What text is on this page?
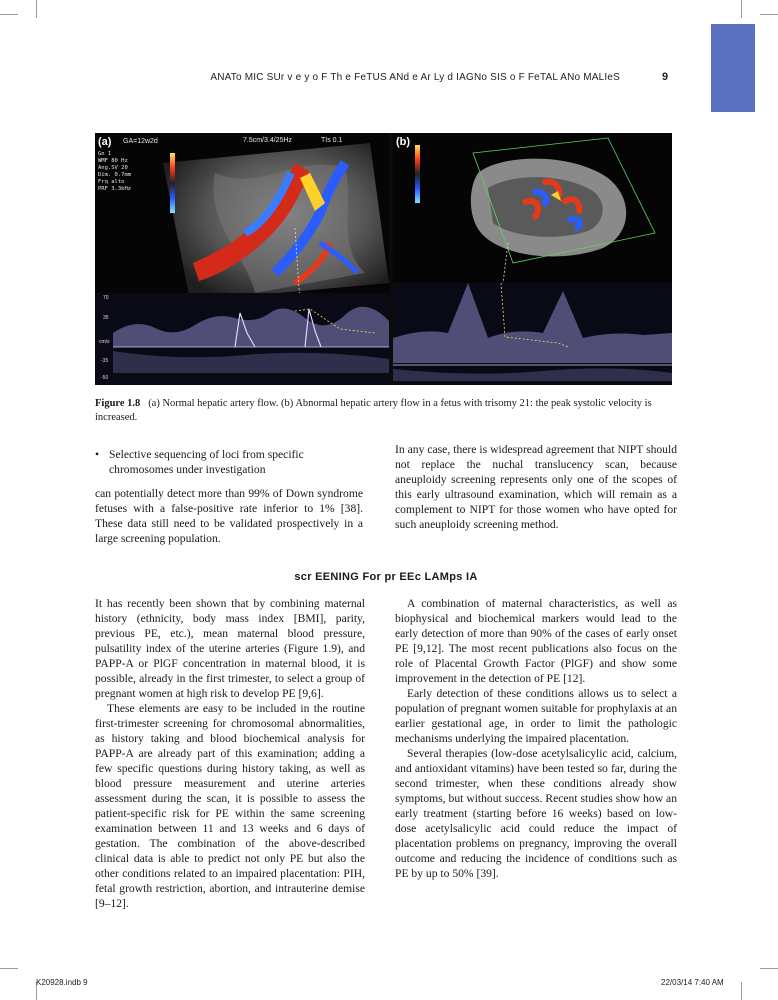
ANATo MIC SUr v e y o F Th e FeTUS ANd e Ar Ly d IAGNo SIS o F FeTAL ANo MALIeS	9
(a) GA=12w2d	7.5cm/3.4/25Hz	TIs 0.1
Gn 1
WMF 80 Hz
Ang.SV 20
Dim. 0.7mm
Frq alto
PRF 3.3kHz
70
35
cm/s
-35
-50
(b)
Figure 1.8 (a) Normal hepatic artery flow. (b) Abnormal hepatic artery flow in a fetus with trisomy 21: the peak systolic velocity is increased.
• Selective sequencing of loci from specific chromosomes under investigation

can potentially detect more than 99% of Down syndrome fetuses with a false-positive rate inferior to 1% [38]. These data still need to be validated prospectively in a large screening population.

In any case, there is widespread agreement that NIPT should not replace the nuchal translucency scan, because aneuploidy screening represents only one of the scopes of this early ultrasound examination, which will remain as a complement to NIPT for those women who have opted for such aneuploidy screening method.

scr EENING For pr EEc LAMps IA

It has recently been shown that by combining maternal history (ethnicity, body mass index [BMI], parity, previous PE, etc.), mean maternal blood pressure, pulsatility index of the uterine arteries (Figure 1.9), and PAPP-A or PlGF concentration in maternal blood, it is possible, already in the first trimester, to select a group of pregnant women at high risk to develop PE [9,6].

These elements are easy to be included in the routine first-trimester screening for chromosomal abnormalities, as history taking and blood biochemical analysis for PAPP-A are already part of this examination; adding a few specific questions during history taking, as well as blood pressure measurement and uterine arteries assessment during the scan, it is possible to assess the patient-specific risk for PE within the same screening examination between 11 and 13 weeks and 6 days of gestation. The combination of the above-described clinical data is able to predict not only PE but also the other conditions related to an impaired placentation: PIH, fetal growth restriction, abortion, and intrauterine demise [9–12].

A combination of maternal characteristics, as well as biophysical and biochemical markers would lead to the early detection of more than 90% of the cases of early onset PE [9,12]. The most recent publications also focus on the role of Placental Growth Factor (PlGF) and show some improvement in the detection of PE [12].

Early detection of these conditions allows us to select a population of pregnant women suitable for prophylaxis at an earlier gestational age, in order to limit the pathologic mechanisms underlying the impaired placentation.

Several therapies (low-dose acetylsalicylic acid, calcium, and antioxidant vitamins) have been tested so far, during the second trimester, when these conditions already show symptoms, but without success. Recent studies show how an early treatment (starting before 16 weeks) based on low-dose acetylsalicylic acid could reduce the impact of placentation problems on pregnancy, improving the overall outcome and reducing the incidence of conditions such as PE by up to 50% [39].

K20928.indb 9	22/03/14 7:40 AM
